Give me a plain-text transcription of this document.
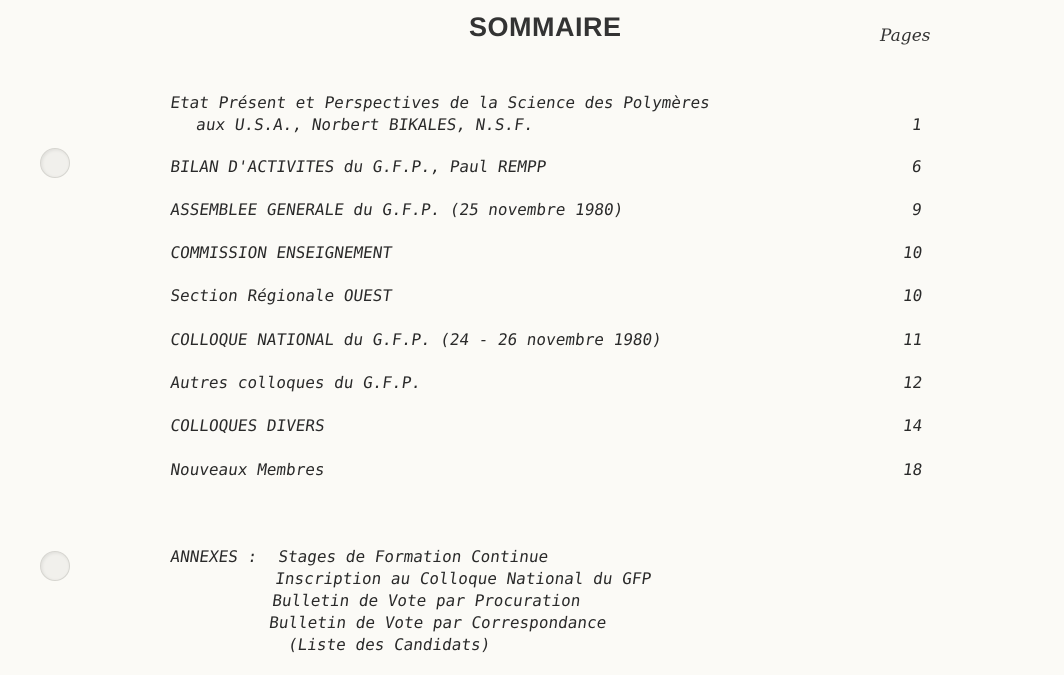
SOMMAIRE	Pages
Etat Présent et Perspectives de la Science des Polymères
aux U.S.A., Norbert BIKALES, N.S.F.	1
BILAN D'ACTIVITES du G.F.P., Paul REMPP	6
ASSEMBLEE GENERALE du G.F.P. (25 novembre 1980)	9
COMMISSION ENSEIGNEMENT	10
Section Régionale OUEST	10
COLLOQUE NATIONAL du G.F.P. (24 - 26 novembre 1980)	11
Autres colloques du G.F.P.	12
COLLOQUES DIVERS	14
Nouveaux Membres	18
ANNEXES : Stages de Formation Continue
Inscription au Colloque National du GFP
Bulletin de Vote par Procuration
Bulletin de Vote par Correspondance
(Liste des Candidats)
